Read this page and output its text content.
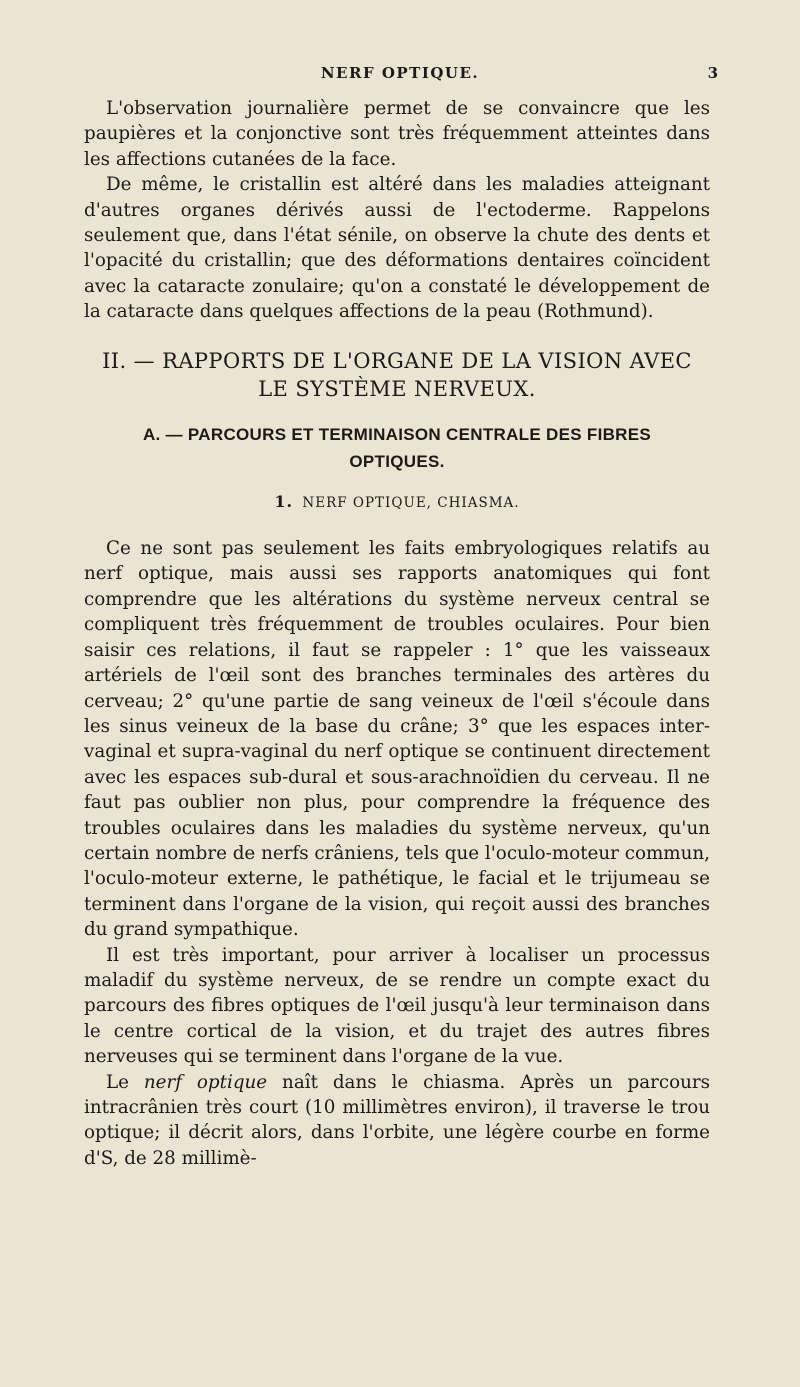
NERF OPTIQUE.	3

L'observation journalière permet de se convaincre que les paupières et la conjonctive sont très fréquemment atteintes dans les affections cutanées de la face.

De même, le cristallin est altéré dans les maladies atteignant d'autres organes dérivés aussi de l'ectoderme. Rappelons seulement que, dans l'état sénile, on observe la chute des dents et l'opacité du cristallin; que des déformations dentaires coïncident avec la cataracte zonulaire; qu'on a constaté le développement de la cataracte dans quelques affections de la peau (Rothmund).

II. — RAPPORTS DE L'ORGANE DE LA VISION AVEC
LE SYSTÈME NERVEUX.
A. — PARCOURS ET TERMINAISON CENTRALE DES FIBRES
OPTIQUES.
1. NERF OPTIQUE, CHIASMA.

Ce ne sont pas seulement les faits embryologiques relatifs au nerf optique, mais aussi ses rapports anatomiques qui font comprendre que les altérations du système nerveux central se compliquent très fréquemment de troubles oculaires. Pour bien saisir ces relations, il faut se rappeler : 1° que les vaisseaux artériels de l'œil sont des branches terminales des artères du cerveau; 2° qu'une partie de sang veineux de l'œil s'écoule dans les sinus veineux de la base du crâne; 3° que les espaces inter-vaginal et supra-vaginal du nerf optique se continuent directement avec les espaces sub-dural et sous-arachnoïdien du cerveau. Il ne faut pas oublier non plus, pour comprendre la fréquence des troubles oculaires dans les maladies du système nerveux, qu'un certain nombre de nerfs crâniens, tels que l'oculo-moteur commun, l'oculo-moteur externe, le pathétique, le facial et le trijumeau se terminent dans l'organe de la vision, qui reçoit aussi des branches du grand sympathique.

Il est très important, pour arriver à localiser un processus maladif du système nerveux, de se rendre un compte exact du parcours des fibres optiques de l'œil jusqu'à leur terminaison dans le centre cortical de la vision, et du trajet des autres fibres nerveuses qui se terminent dans l'organe de la vue.

Le nerf optique naît dans le chiasma. Après un parcours intracrânien très court (10 millimètres environ), il traverse le trou optique; il décrit alors, dans l'orbite, une légère courbe en forme d'S, de 28 millimè-
